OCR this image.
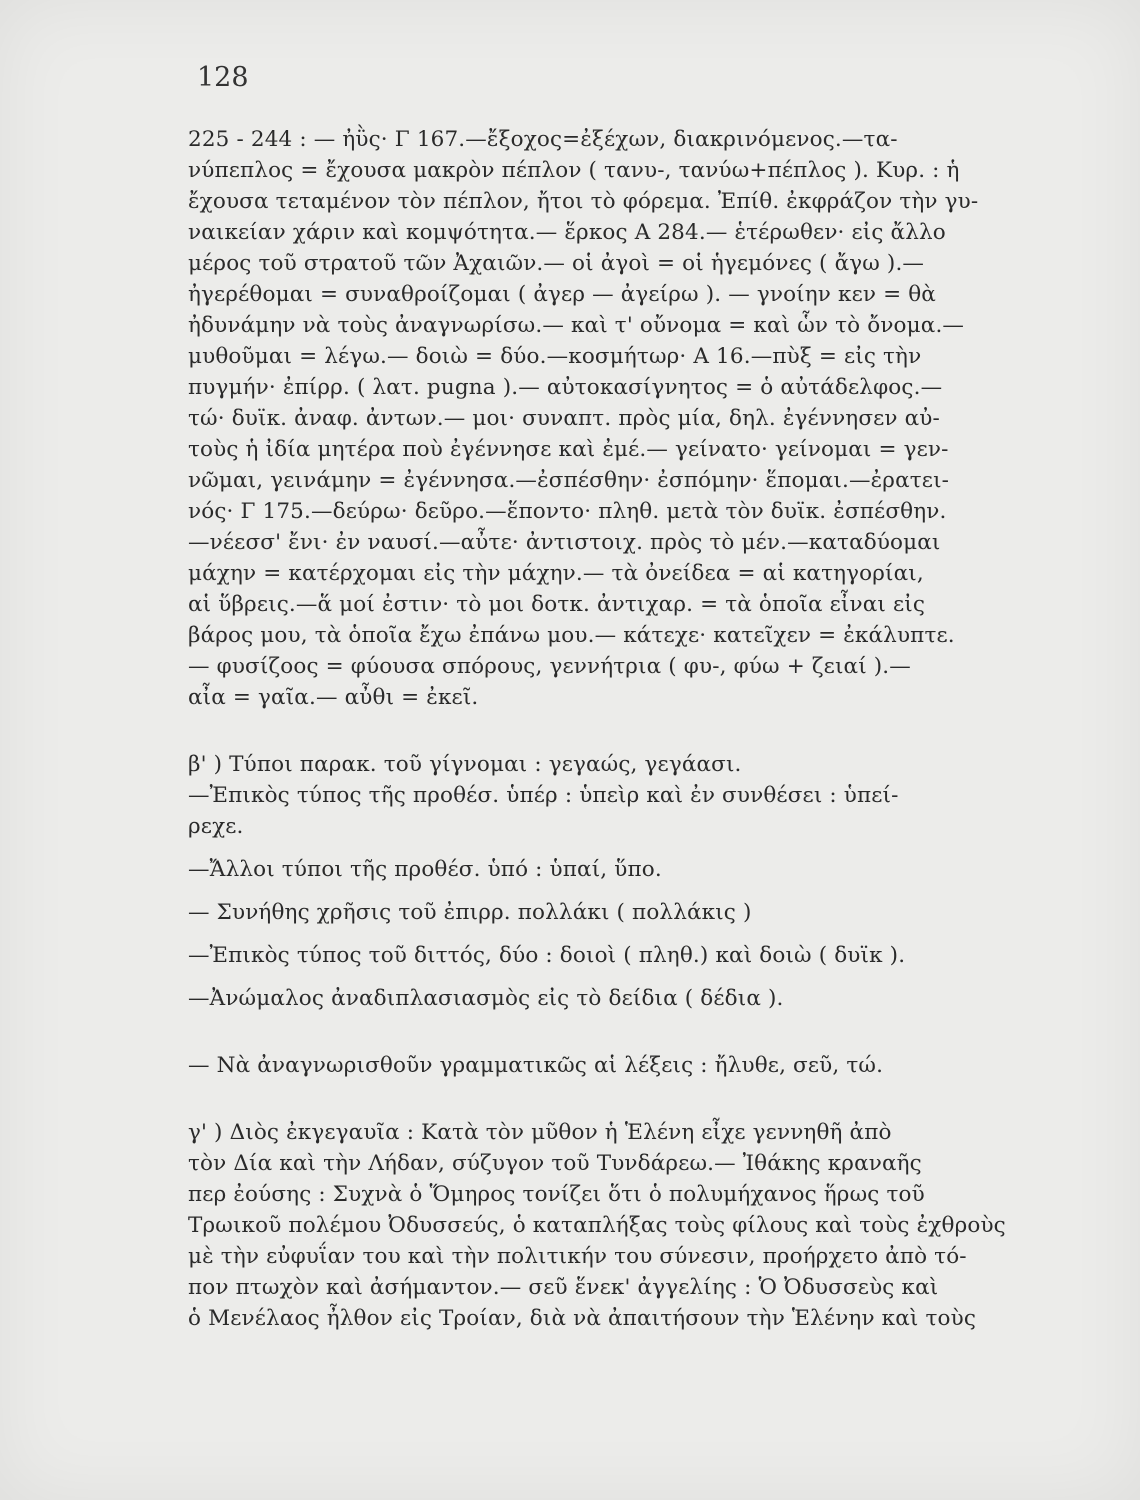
128
225 - 244 : — ἠῢς· Γ 167.—ἔξοχος=ἐξέχων, διακρινόμενος.—τα-
νύπεπλος = ἔχουσα μακρὸν πέπλον ( τανυ-, τανύω+πέπλος ). Κυρ. : ἡ
ἔχουσα τεταμένον τὸν πέπλον, ἤτοι τὸ φόρεμα. Ἐπίθ. ἐκφράζον τὴν γυ-
ναικείαν χάριν καὶ κομψότητα.— ἕρκος Α 284.— ἑτέρωθεν· εἰς ἄλλο
μέρος τοῦ στρατοῦ τῶν Ἀχαιῶν.— οἱ ἀγοὶ = οἱ ἡγεμόνες ( ἄγω ).—
ἠγερέθομαι = συναθροίζομαι ( ἀγερ — ἀγείρω ). — γνοίην κεν = θὰ
ἠδυνάμην νὰ τοὺς ἀναγνωρίσω.— καὶ τ' οὔνομα = καὶ ὧν τὸ ὄνομα.—
μυθοῦμαι = λέγω.— δοιὼ = δύο.—κοσμήτωρ· Α 16.—πὺξ = εἰς τὴν
πυγμήν· ἐπίρρ. ( λατ. pugna ).— αὐτοκασίγνητος = ὁ αὐτάδελφος.—
τώ· δυϊκ. ἀναφ. ἀντων.— μοι· συναπτ. πρὸς μία, δηλ. ἐγέννησεν αὐ-
τοὺς ἡ ἰδία μητέρα ποὺ ἐγέννησε καὶ ἐμέ.— γείνατο· γείνομαι = γεν-
νῶμαι, γεινάμην = ἐγέννησα.—ἐσπέσθην· ἐσπόμην· ἕπομαι.—ἐρατει-
νός· Γ 175.—δεύρω· δεῦρο.—ἕποντο· πληθ. μετὰ τὸν δυϊκ. ἐσπέσθην.
—νέεσσ' ἔνι· ἐν ναυσί.—αὖτε· ἀντιστοιχ. πρὸς τὸ μέν.—καταδύομαι
μάχην = κατέρχομαι εἰς τὴν μάχην.— τὰ ὀνείδεα = αἱ κατηγορίαι,
αἱ ὕβρεις.—ἅ μοί ἐστιν· τὸ μοι δοτκ. ἀντιχαρ. = τὰ ὁποῖα εἶναι εἰς
βάρος μου, τὰ ὁποῖα ἔχω ἐπάνω μου.— κάτεχε· κατεῖχεν = ἐκάλυπτε.
— φυσίζοος = φύουσα σπόρους, γεννήτρια ( φυ-, φύω + ζειαί ).—
αἶα = γαῖα.— αὖθι = ἐκεῖ.
β' ) Τύποι παρακ. τοῦ γίγνομαι : γεγαώς, γεγάασι.
—Ἐπικὸς τύπος τῆς προθέσ. ὑπέρ : ὑπεὶρ καὶ ἐν συνθέσει : ὑπεί-
ρεχε.
—Ἄλλοι τύποι τῆς προθέσ. ὑπό : ὑπαί, ὕπο.
— Συνήθης χρῆσις τοῦ ἐπιρρ. πολλάκι ( πολλάκις )
—Ἐπικὸς τύπος τοῦ διττός, δύο : δοιοὶ ( πληθ.) καὶ δοιὼ ( δυϊκ ).
—Ἀνώμαλος ἀναδιπλασιασμὸς εἰς τὸ δείδια ( δέδια ).
— Νὰ ἀναγνωρισθοῦν γραμματικῶς αἱ λέξεις : ἤλυθε, σεῦ, τώ.
γ' ) Διὸς ἐκγεγαυῖα : Κατὰ τὸν μῦθον ἡ Ἑλένη εἶχε γεννηθῆ ἀπὸ
τὸν Δία καὶ τὴν Λήδαν, σύζυγον τοῦ Τυνδάρεω.— Ἰθάκης κραναῆς
περ ἐούσης : Συχνὰ ὁ Ὅμηρος τονίζει ὅτι ὁ πολυμήχανος ἥρως τοῦ
Τρωικοῦ πολέμου Ὀδυσσεύς, ὁ καταπλήξας τοὺς φίλους καὶ τοὺς ἐχθροὺς
μὲ τὴν εὐφυΐαν του καὶ τὴν πολιτικήν του σύνεσιν, προήρχετο ἀπὸ τό-
πον πτωχὸν καὶ ἀσήμαντον.— σεῦ ἕνεκ' ἀγγελίης : Ὁ Ὀδυσσεὺς καὶ
ὁ Μενέλαος ἦλθον εἰς Τροίαν, διὰ νὰ ἀπαιτήσουν τὴν Ἑλένην καὶ τοὺς
